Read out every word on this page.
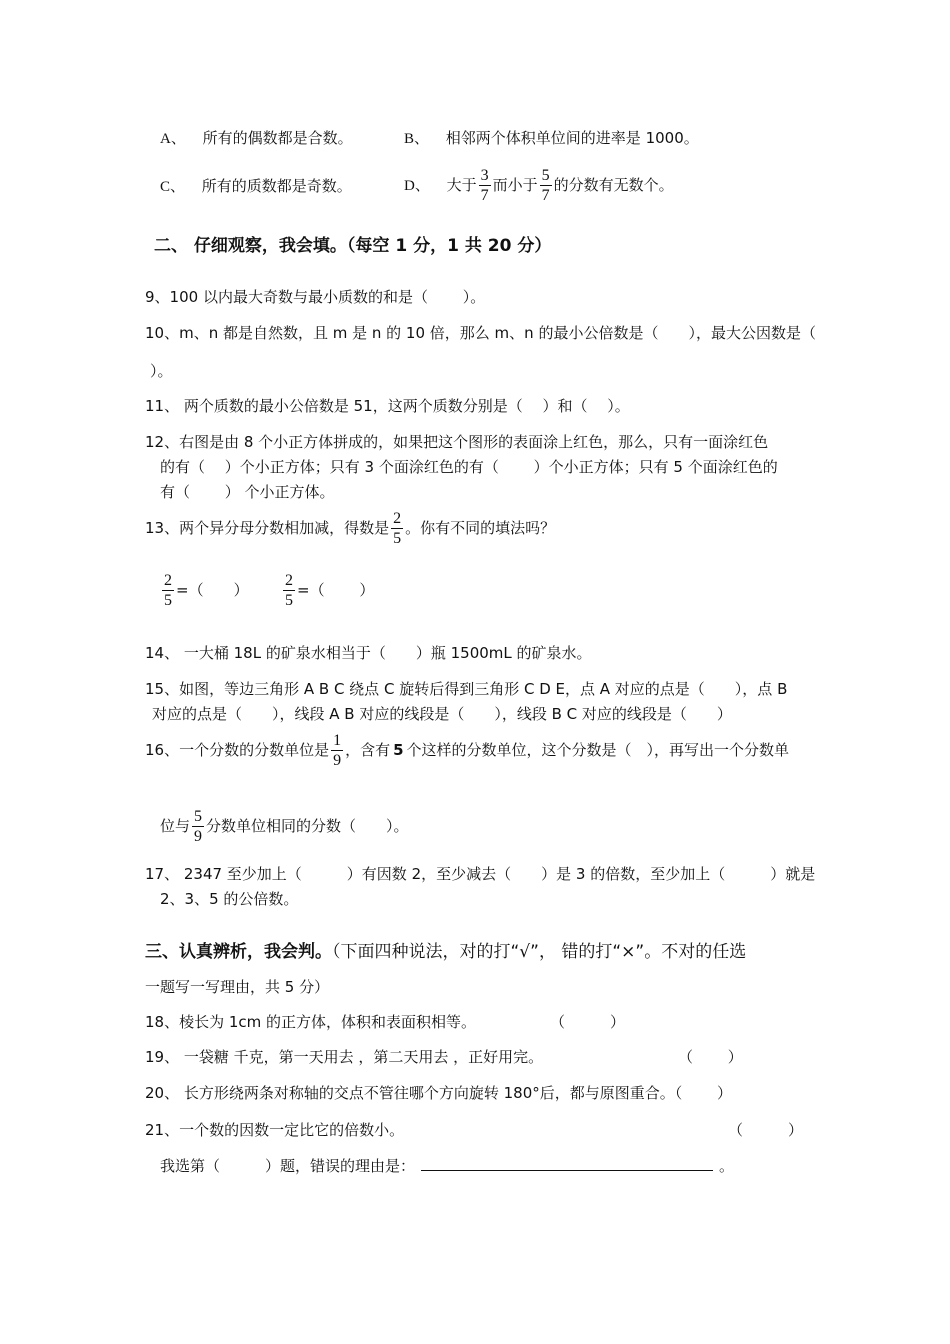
A、 所有的偶数都是合数。	B、 相邻两个体积单位间的进率是 1000。
C、 所有的质数都是奇数。	D、 大于 $\frac{3}{7}$ 而小于 $\frac{5}{7}$ 的分数有无数个。
二、 仔细观察，我会填。（每空 1 分，1 共 20 分）
9、100 以内最大奇数与最小质数的和是（　　 ）。
10、m、n 都是自然数，且 m 是 n 的 10 倍，那么 m、n 的最小公倍数是（　　），最大公因数是（
）。
11、 两个质数的最小公倍数是 51，这两个质数分别是（　 ）和（　 ）。
12、右图是由 8 个小正方体拼成的，如果把这个图形的表面涂上红色，那么，只有一面涂红色
的有（　 ）个小正方体；只有 3 个面涂红色的有（　　 ）个小正方体；只有 5 个面涂红色的
有（　　 ） 个小正方体。
13、两个异分母分数相加减，得数是 $\frac{2}{5}$ 。你有不同的填法吗？
$\frac{2}{5}$ =（　　） $\frac{2}{5}$ =（　　 ）
14、 一大桶 18L 的矿泉水相当于（　　）瓶 1500mL 的矿泉水。
15、如图，等边三角形 A B C 绕点 C 旋转后得到三角形 C D E，点 A 对应的点是（　　），点 B
对应的点是（　　），线段 A B 对应的线段是（　　），线段 B C 对应的线段是（　　）
16、一个分数的分数单位是 $\frac{1}{9}$ ，含有 5 个这样的分数单位，这个分数是（　），再写出一个分数单
位与 $\frac{5}{9}$ 分数单位相同的分数（　　）。
17、 2347 至少加上（　　　）有因数 2，至少减去（　　）是 3 的倍数，至少加上（　　　）就是
2、3、5 的公倍数。
三、认真辨析，我会判。（下面四种说法，对的打“√”， 错的打“×”。不对的任选
一题写一写理由，共 5 分）
18、棱长为 1cm 的正方体，体积和表面积相等。	（　　　）
19、 一袋糖 千克，第一天用去 ，第二天用去 ，正好用完。	（　　 ）
20、 长方形绕两条对称轴的交点不管往哪个方向旋转 180°后，都与原图重合。（　　 ）
21、一个数的因数一定比它的倍数小。	（　　　）
我选第（　　　）题，错误的理由是：	。
